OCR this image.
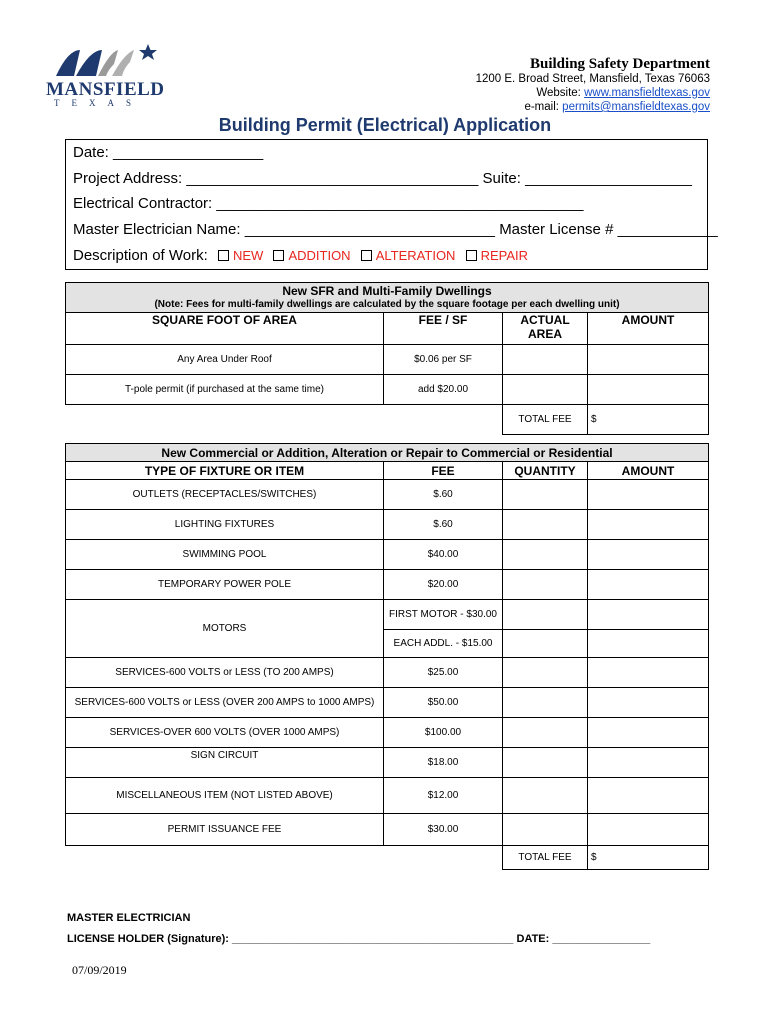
MANSFIELD
TEXAS
Building Safety Department
1200 E. Broad Street, Mansfield, Texas 76063
Website: www.mansfieldtexas.gov
e-mail: permits@mansfieldtexas.gov
Building Permit (Electrical) Application
Date: __________________
Project Address: ___________________________________ Suite: ____________________
Electrical Contractor: ____________________________________________
Master Electrician Name: ______________________________ Master License # ____________
Description of Work: NEW ADDITION ALTERATION REPAIR
New SFR and Multi-Family Dwellings
(Note: Fees for multi-family dwellings are calculated by the square footage per each dwelling unit)			

SQUARE FOOT OF AREA	FEE / SF	ACTUAL AREA	AMOUNT
Any Area Under Roof	$0.06 per SF		
T-pole permit (if purchased at the same time)	add $20.00		
		TOTAL FEE	$
New Commercial or Addition, Alteration or Repair to Commercial or Residential			
TYPE OF FIXTURE OR ITEM	FEE	QUANTITY	AMOUNT
OUTLETS (RECEPTACLES/SWITCHES)	$.60		
LIGHTING FIXTURES	$.60		
SWIMMING POOL	$40.00		
TEMPORARY POWER POLE	$20.00		
MOTORS	FIRST MOTOR - $30.00		
	EACH ADDL. - $15.00		
SERVICES-600 VOLTS or LESS (TO 200 AMPS)	$25.00		
SERVICES-600 VOLTS or LESS (OVER 200 AMPS to 1000 AMPS)	$50.00		
SERVICES-OVER 600 VOLTS (OVER 1000 AMPS)	$100.00		
SIGN CIRCUIT	$18.00		
MISCELLANEOUS ITEM (NOT LISTED ABOVE)	$12.00		
PERMIT ISSUANCE FEE	$30.00		
		TOTAL FEE	$
MASTER ELECTRICIAN
LICENSE HOLDER (Signature): ______________________________________________ DATE: ________________
07/09/2019
